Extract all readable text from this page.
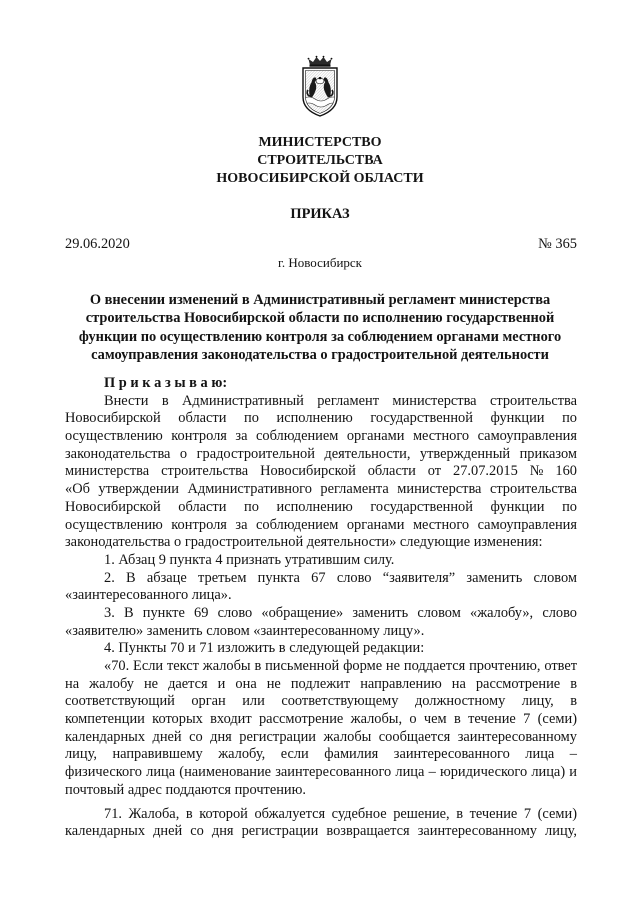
МИНИСТЕРСТВО
СТРОИТЕЛЬСТВА
НОВОСИБИРСКОЙ ОБЛАСТИ
ПРИКАЗ
29.06.2020	№ 365
г. Новосибирск
О внесении изменений в Административный регламент министерства
строительства Новосибирской области по исполнению государственной
функции по осуществлению контроля за соблюдением органами местного
самоуправления законодательства о градостроительной деятельности
П р и к а з ы в а ю:
Внести в Административный регламент министерства строительства
Новосибирской области по исполнению государственной функции по
осуществлению контроля за соблюдением органами местного самоуправления
законодательства о градостроительной деятельности, утвержденный приказом
министерства строительства Новосибирской области от 27.07.2015 № 160
«Об утверждении Административного регламента министерства строительства
Новосибирской области по исполнению государственной функции по
осуществлению контроля за соблюдением органами местного самоуправления
законодательства о градостроительной деятельности» следующие изменения:
1. Абзац 9 пункта 4 признать утратившим силу.
2. В абзаце третьем пункта 67 слово “заявителя” заменить словом
«заинтересованного лица».
3. В пункте 69 слово «обращение» заменить словом «жалобу», слово
«заявителю» заменить словом «заинтересованному лицу».
4. Пункты 70 и 71 изложить в следующей редакции:
«70. Если текст жалобы в письменной форме не поддается прочтению, ответ
на жалобу не дается и она не подлежит направлению на рассмотрение в
соответствующий орган или соответствующему должностному лицу, в
компетенции которых входит рассмотрение жалобы, о чем в течение 7 (семи)
календарных дней со дня регистрации жалобы сообщается заинтересованному
лицу, направившему жалобу, если фамилия заинтересованного лица –
физического лица (наименование заинтересованного лица – юридического лица) и
почтовый адрес поддаются прочтению.
71. Жалоба, в которой обжалуется судебное решение, в течение 7 (семи)
календарных дней со дня регистрации возвращается заинтересованному лицу,
